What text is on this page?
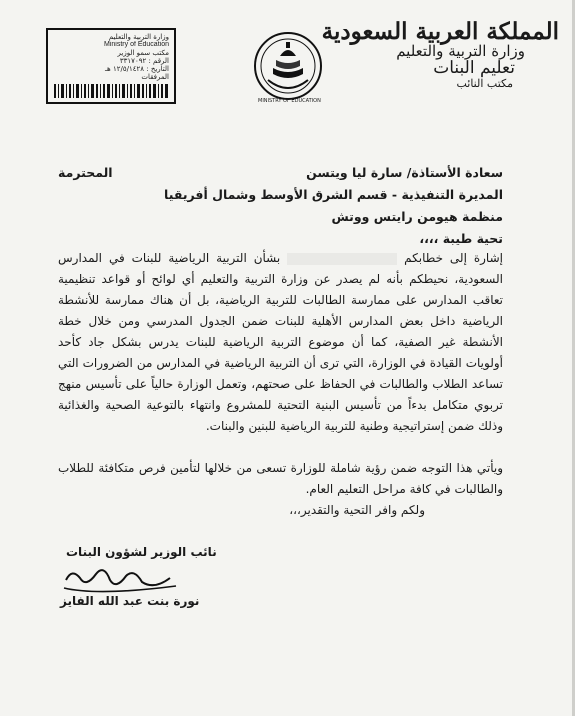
المملكة العربية السعودية
وزارة التربية والتعليم
تعليم البنات
مكتب النائب
MINISTRY OF EDUCATION
وزارة التربية والتعليم
Ministry of Education
مكتب سمو الوزير
الرقم : ٣٣١٧٠٩٢
التاريخ : ١٢/٥/١٤٢٨ هـ
المرفقات
سعادة الأستاذة/ سارة ليا ويتسن
المحترمة
المديرة التنفيذية - قسم الشرق الأوسط وشمال أفريقيا
منظمة هيومن رايتس ووتش
تحية طيبة ،،،،
إشارة إلى خطابكم  بشأن التربية الرياضية للبنات في المدارس السعودية، نحيطكم بأنه لم يصدر عن وزارة التربية والتعليم أي لوائح أو قواعد تنظيمية تعاقب المدارس على ممارسة الطالبات للتربية الرياضية، بل أن هناك ممارسة للأنشطة الرياضية داخل بعض المدارس الأهلية للبنات ضمن الجدول المدرسي ومن خلال خطة الأنشطة غير الصفية، كما أن موضوع التربية الرياضية للبنات يدرس بشكل جاد كأحد أولويات القيادة في الوزارة، التي ترى أن التربية الرياضية في المدارس من الضرورات التي تساعد الطلاب والطالبات في الحفاظ على صحتهم، وتعمل الوزارة حالياً على تأسيس منهج تربوي متكامل بدءاً من تأسيس البنية التحتية للمشروع وانتهاء بالتوعية الصحية والغذائية وذلك ضمن إستراتيجية وطنية للتربية الرياضية للبنين والبنات.
ويأتي هذا التوجه ضمن رؤية شاملة للوزارة تسعى من خلالها لتأمين فرص متكافئة للطلاب والطالبات في كافة مراحل التعليم العام.
ولكم وافر التحية والتقدير،،،
نائب الوزير لشؤون البنات
نورة بنت عبد الله الفايز
